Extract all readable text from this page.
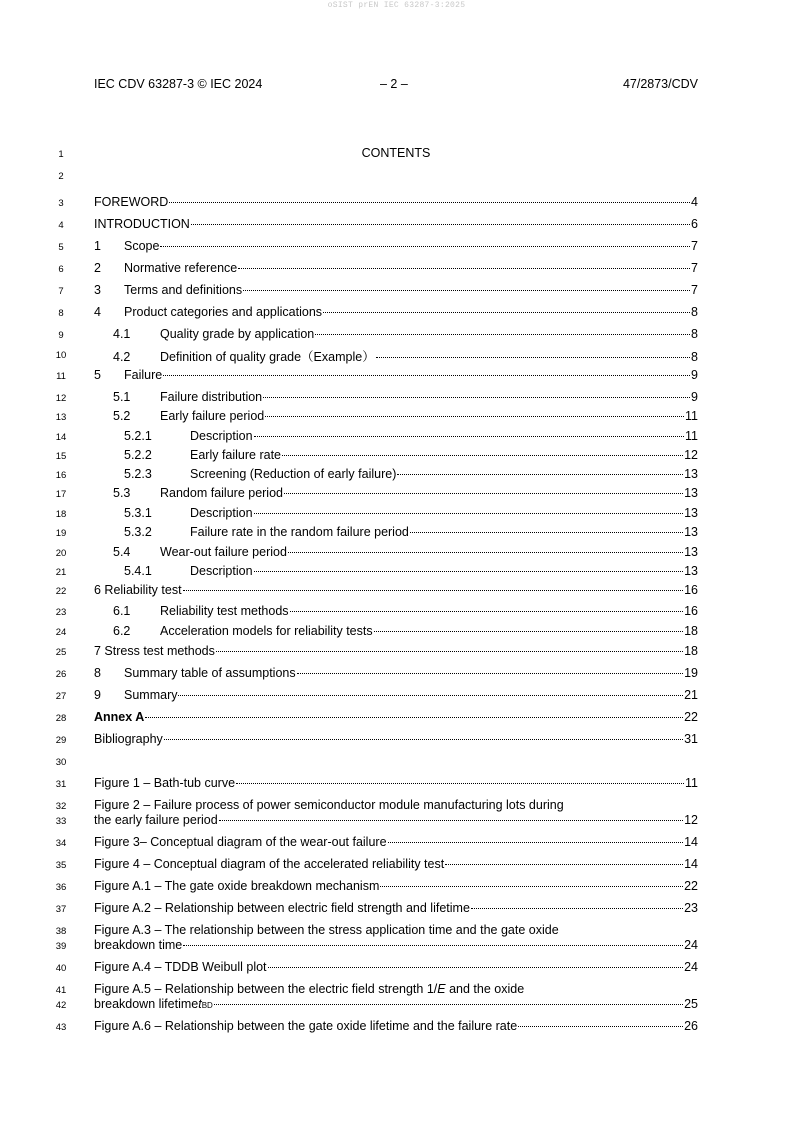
oSIST prEN IEC 63287-3:2025
IEC CDV 63287-3 © IEC 2024	– 2 –	47/2873/CDV
1
2
3
4
5
6
7
8
9
10
11
12
13
14
15
16
17
18
19
20
21
22
23
24
25
26
27
28
29
30
31
32
33
34
35
36
37
38
39
40
41
42
43
CONTENTS
FOREWORD	4
INTRODUCTION	6
1	Scope	7
2	Normative reference	7
3	Terms and definitions	7
4	Product categories and applications	8
4.1	Quality grade by application	8
4.2	Definition of quality grade（Example）	8
5	Failure	9
5.1	Failure distribution	9
5.2	Early failure period	11
5.2.1	Description	11
5.2.2	Early failure rate	12
5.2.3	Screening (Reduction of early failure)	13
5.3	Random failure period	13
5.3.1	Description	13
5.3.2	Failure rate in the random failure period	13
5.4	Wear-out failure period	13
5.4.1	Description	13
6 Reliability test	16
6.1	Reliability test methods	16
6.2	Acceleration models for reliability tests	18
7 Stress test methods	18
8	Summary table of assumptions	19
9	Summary	21
Annex A	22
Bibliography	31
Figure 1 – Bath-tub curve	11
Figure 2 – Failure process of power semiconductor module manufacturing lots during
the early failure period	12
Figure 3– Conceptual diagram of the wear-out failure	14
Figure 4 – Conceptual diagram of the accelerated reliability test	14
Figure A.1 – The gate oxide breakdown mechanism	22
Figure A.2 – Relationship between electric field strength and lifetime	23
Figure A.3 – The relationship between the stress application time and the gate oxide
breakdown time	24
Figure A.4 – TDDB Weibull plot	24
Figure A.5 – Relationship between the electric field strength 1/E and the oxide
breakdown lifetime t BD	25
Figure A.6 – Relationship between the gate oxide lifetime and the failure rate	26
